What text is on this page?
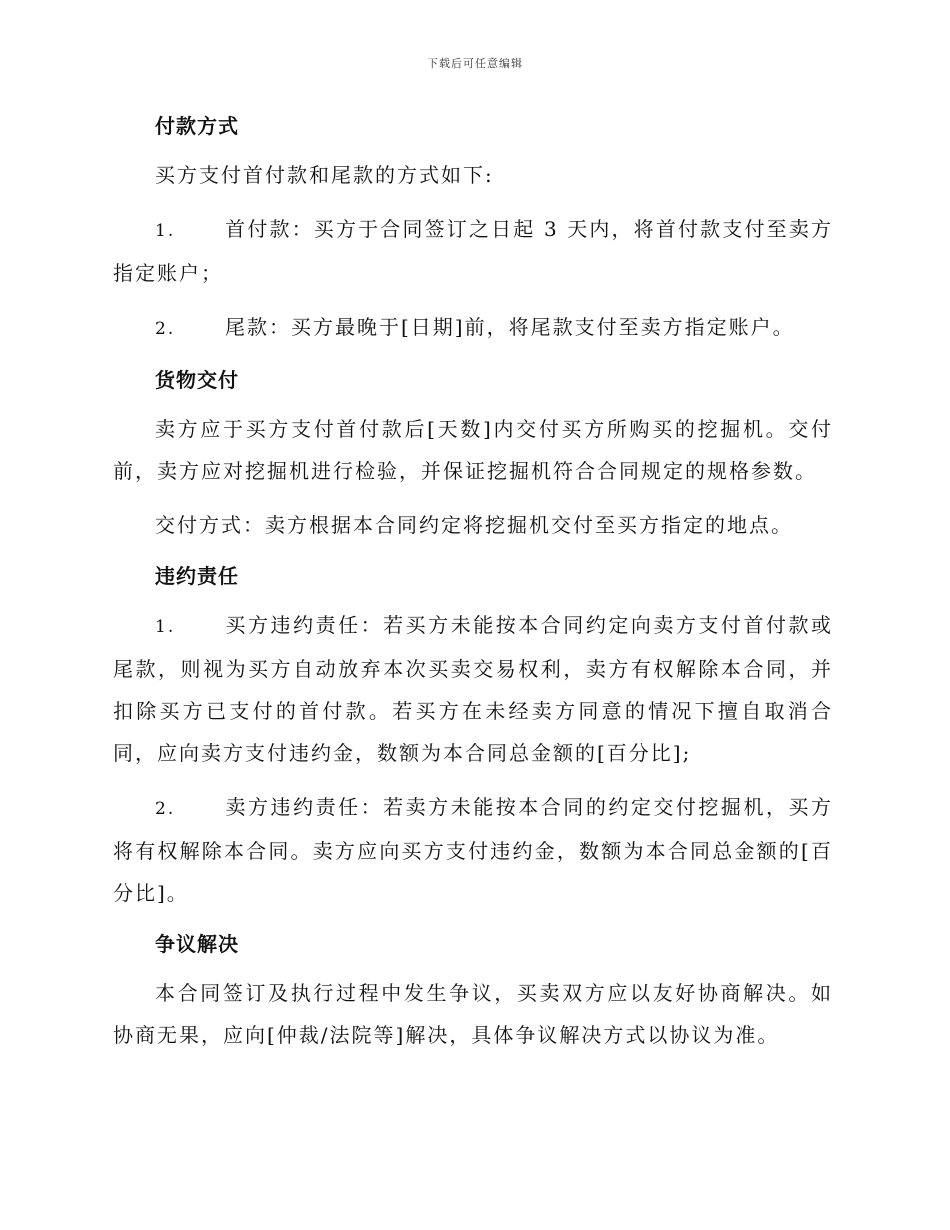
下载后可任意编辑
付款方式

买方支付首付款和尾款的方式如下:

1. 首付款：买方于合同签订之日起 3 天内，将首付款支付至卖方指定账户；

2. 尾款：买方最晚于[日期]前，将尾款支付至卖方指定账户。

货物交付

卖方应于买方支付首付款后[天数]内交付买方所购买的挖掘机。交付前，卖方应对挖掘机进行检验，并保证挖掘机符合合同规定的规格参数。

交付方式：卖方根据本合同约定将挖掘机交付至买方指定的地点。

违约责任

1. 买方违约责任：若买方未能按本合同约定向卖方支付首付款或尾款，则视为买方自动放弃本次买卖交易权利，卖方有权解除本合同，并扣除买方已支付的首付款。若买方在未经卖方同意的情况下擅自取消合同，应向卖方支付违约金，数额为本合同总金额的[百分比];

2. 卖方违约责任：若卖方未能按本合同的约定交付挖掘机，买方将有权解除本合同。卖方应向买方支付违约金，数额为本合同总金额的[百分比]。

争议解决

本合同签订及执行过程中发生争议，买卖双方应以友好协商解决。如协商无果，应向[仲裁/法院等]解决，具体争议解决方式以协议为准。
